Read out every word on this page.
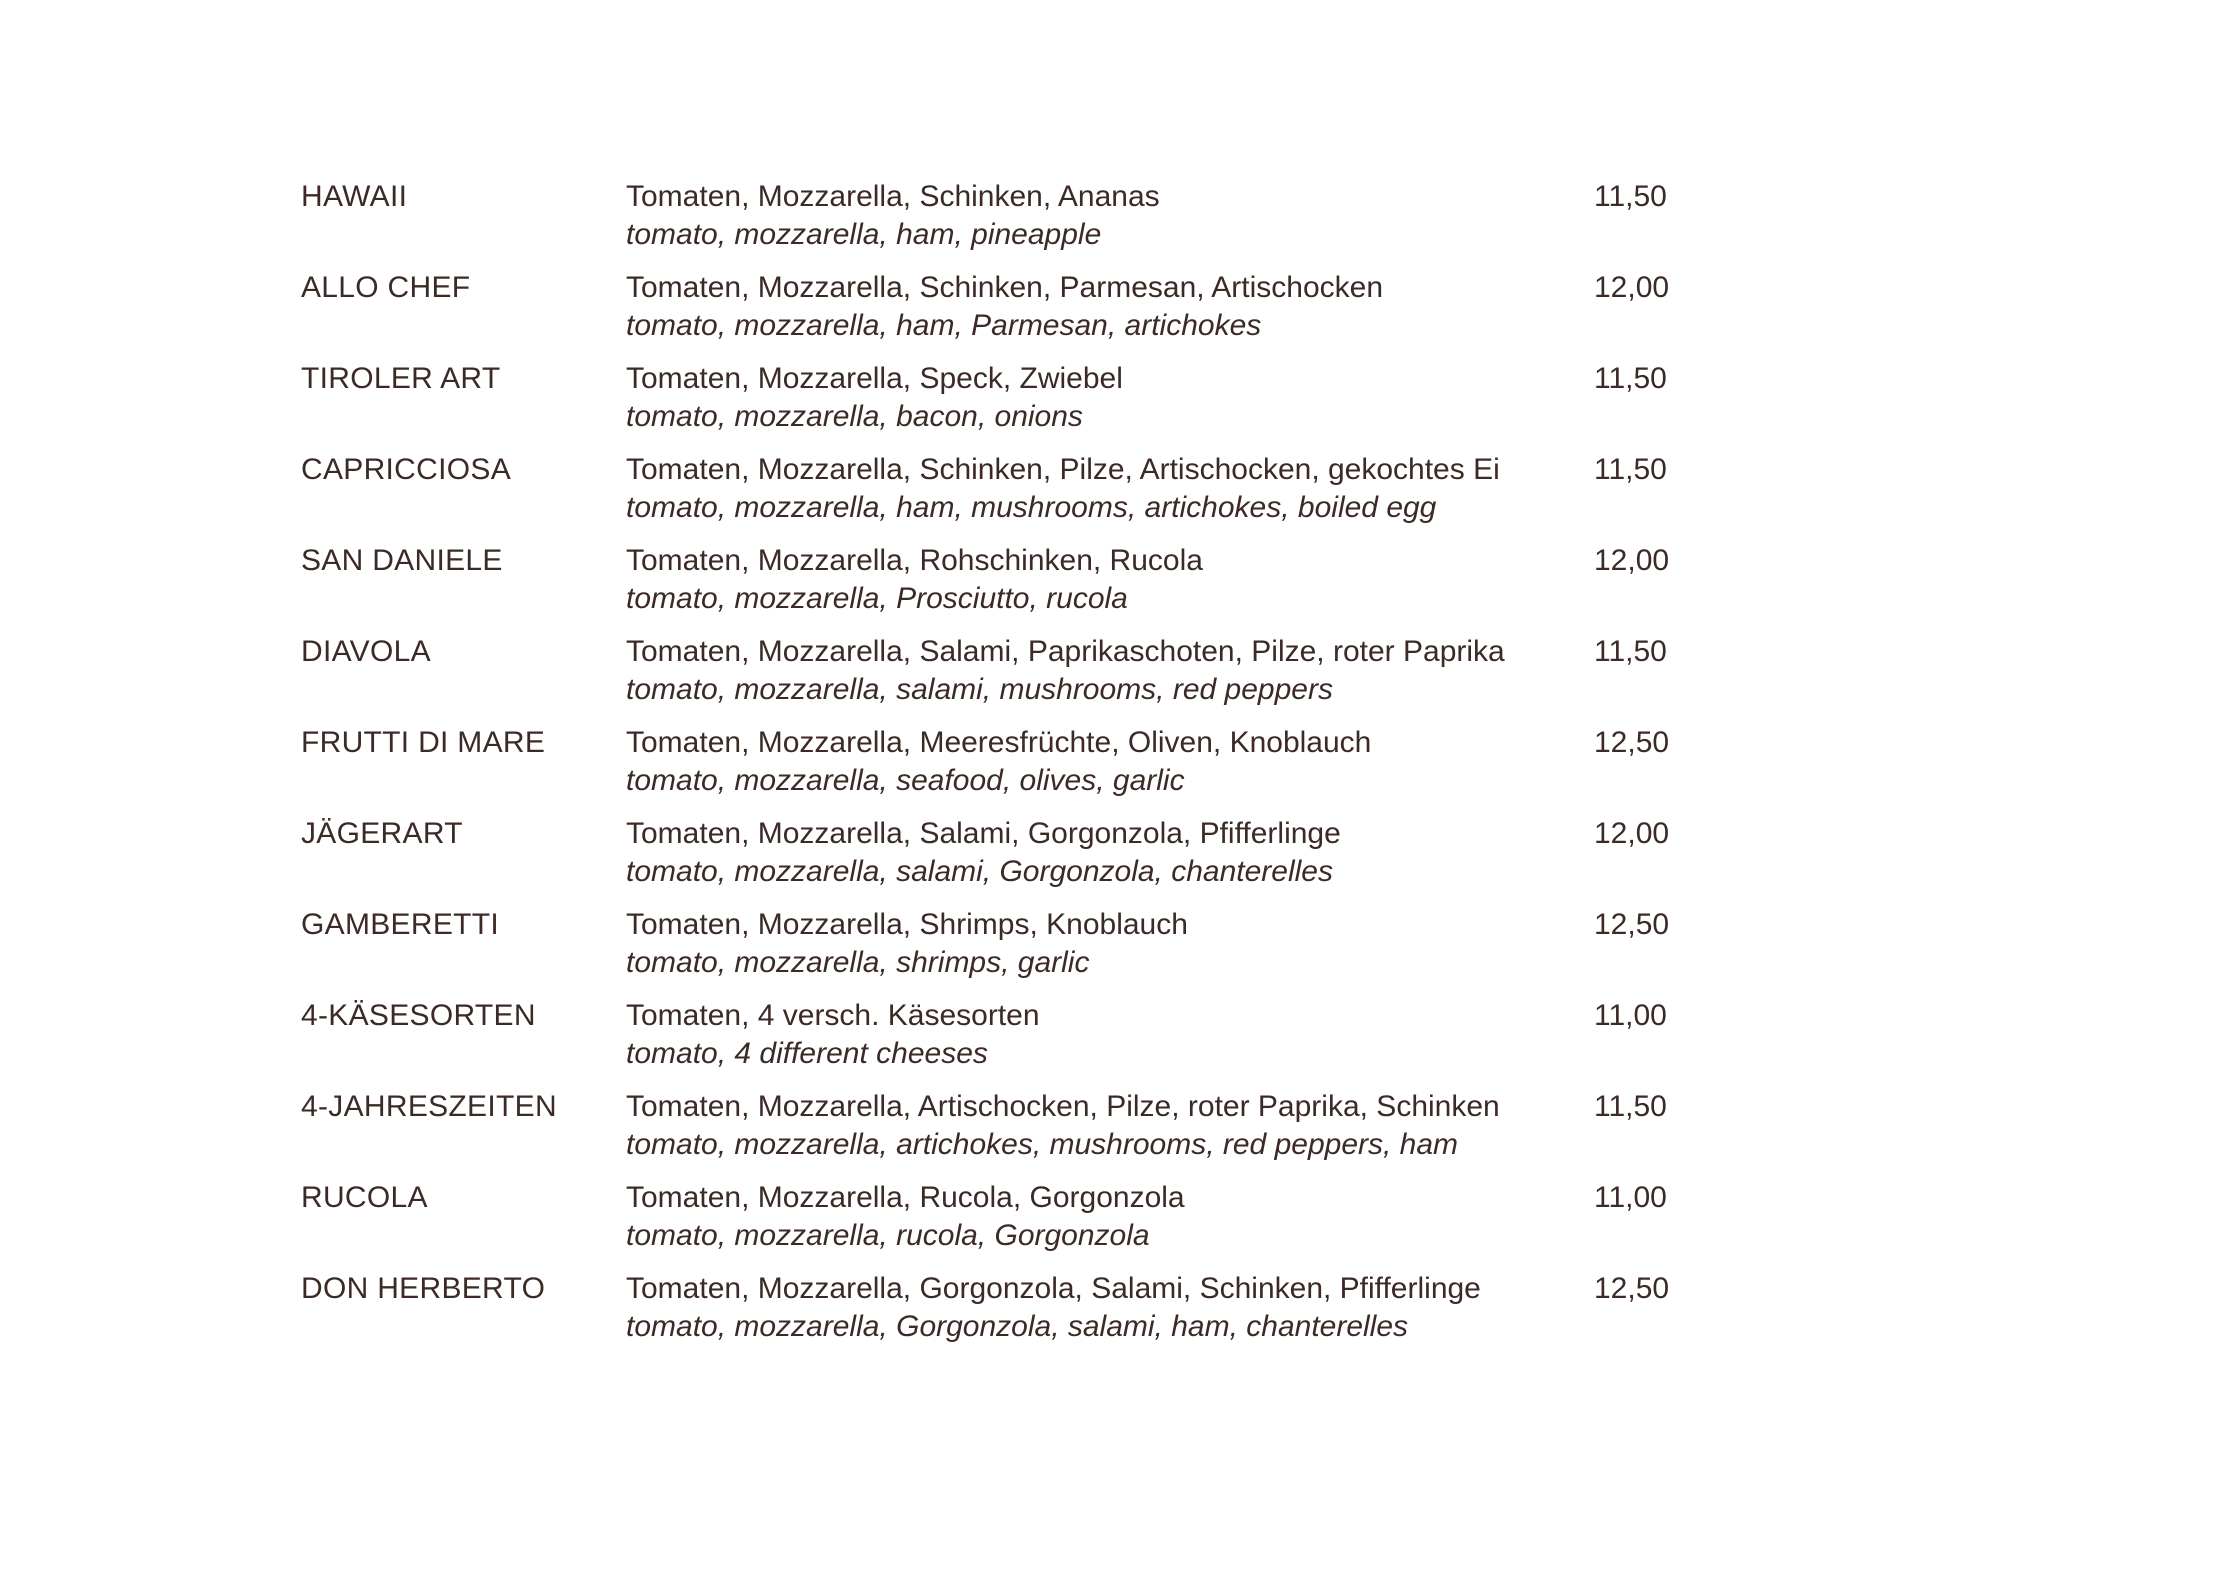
HAWAII	Tomaten, Mozzarella, Schinken, Ananas
tomato, mozzarella, ham, pineapple
11,50
ALLO CHEF	Tomaten, Mozzarella, Schinken, Parmesan, Artischocken
tomato, mozzarella, ham, Parmesan, artichokes
12,00
TIROLER ART	Tomaten, Mozzarella, Speck, Zwiebel
tomato, mozzarella, bacon, onions
11,50
CAPRICCIOSA	Tomaten, Mozzarella, Schinken, Pilze, Artischocken, gekochtes Ei
tomato, mozzarella, ham, mushrooms, artichokes, boiled egg
11,50
SAN DANIELE	Tomaten, Mozzarella, Rohschinken, Rucola
tomato, mozzarella, Prosciutto, rucola
12,00
DIAVOLA	Tomaten, Mozzarella, Salami, Paprikaschoten, Pilze, roter Paprika
tomato, mozzarella, salami, mushrooms, red peppers
11,50
FRUTTI DI MARE	Tomaten, Mozzarella, Meeresfrüchte, Oliven, Knoblauch
tomato, mozzarella, seafood, olives, garlic
12,50
JÄGERART	Tomaten, Mozzarella, Salami, Gorgonzola, Pfifferlinge
tomato, mozzarella, salami, Gorgonzola, chanterelles
12,00
GAMBERETTI	Tomaten, Mozzarella, Shrimps, Knoblauch
tomato, mozzarella, shrimps, garlic
12,50
4-KÄSESORTEN	Tomaten, 4 versch. Käsesorten
tomato, 4 different cheeses
11,00
4-JAHRESZEITEN Tomaten, Mozzarella, Artischocken, Pilze, roter Paprika, Schinken
tomato, mozzarella, artichokes, mushrooms, red peppers, ham
11,50
RUCOLA	Tomaten, Mozzarella, Rucola, Gorgonzola
tomato, mozzarella, rucola, Gorgonzola
11,00
DON HERBERTO	Tomaten, Mozzarella, Gorgonzola, Salami, Schinken, Pfifferlinge
tomato, mozzarella, Gorgonzola, salami, ham, chanterelles
12,50
